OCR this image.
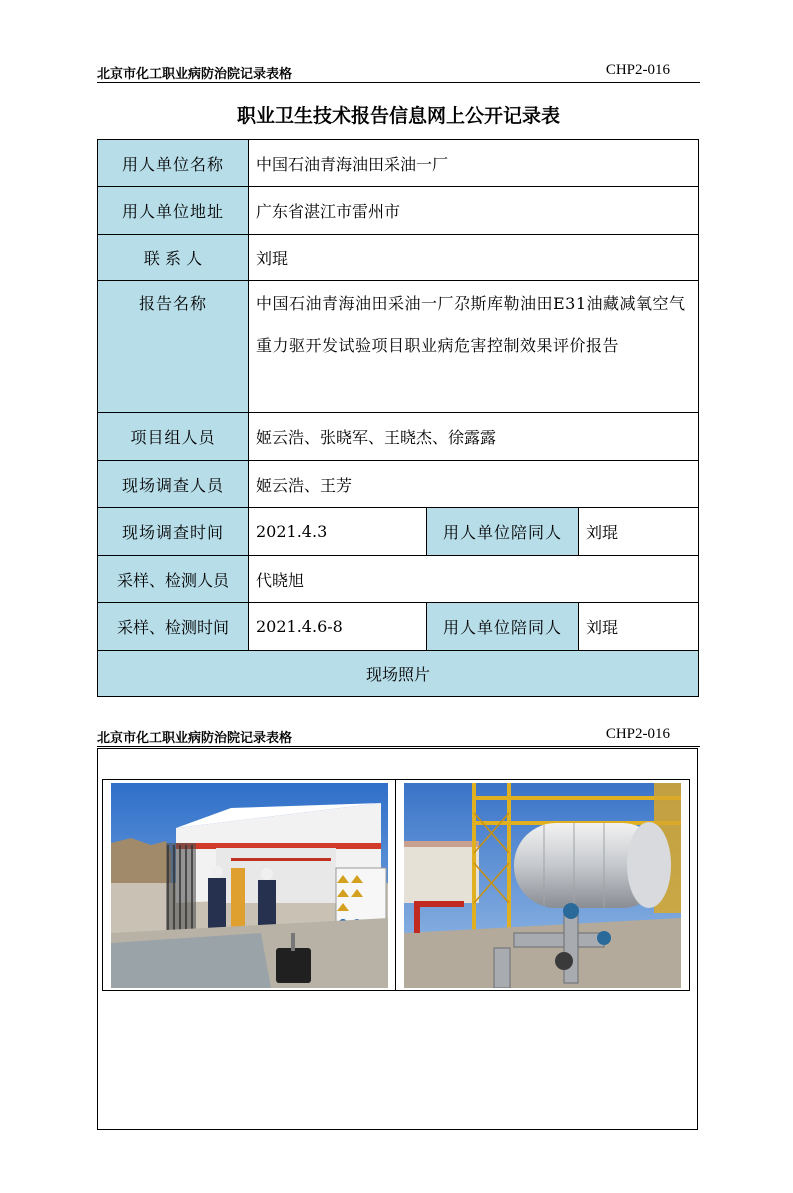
北京市化工职业病防治院记录表格	CHP2-016
职业卫生技术报告信息网上公开记录表
用人单位名称	中国石油青海油田采油一厂		
用人单位地址	广东省湛江市雷州市		
联 系 人	刘琨		
报告名称	中国石油青海油田采油一厂尕斯库勒油田E31油藏减氧空气重力驱开发试验项目职业病危害控制效果评价报告		
项目组人员	姬云浩、张晓军、王晓杰、徐露露		
现场调查人员	姬云浩、王芳		
现场调查时间	2021.4.3	用人单位陪同人	刘琨
采样、检测人员	代晓旭		
采样、检测时间	2021.4.6-8	用人单位陪同人	刘琨
现场照片			
北京市化工职业病防治院记录表格	CHP2-016
